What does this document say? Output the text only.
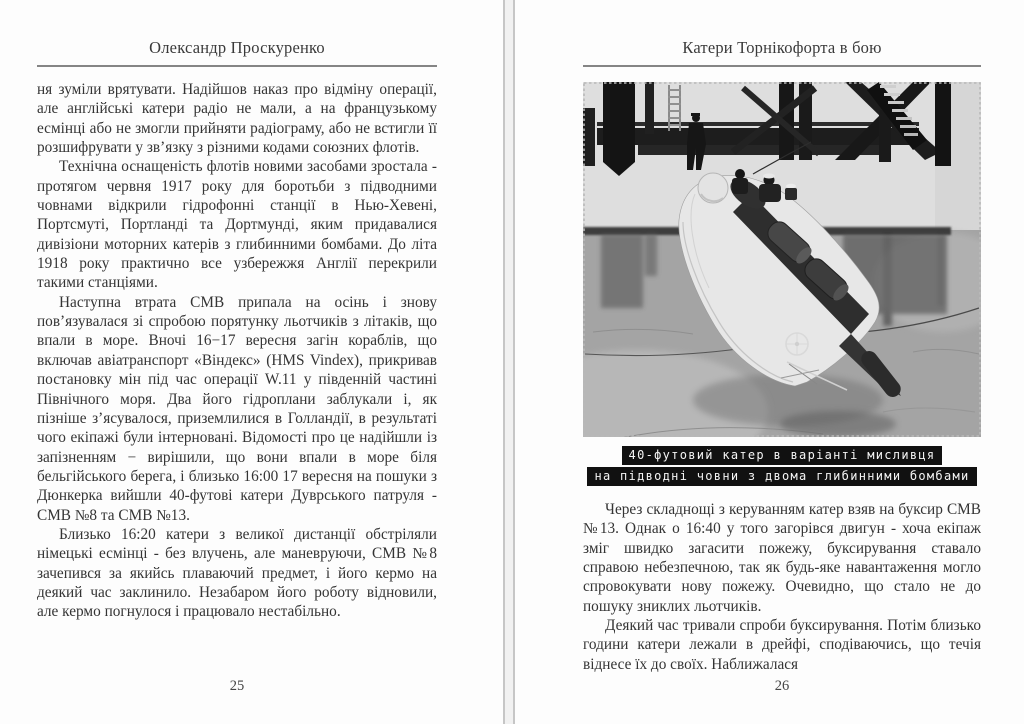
Олександр Проскуренко

ня зуміли врятувати. Надійшов наказ про відміну операції, але англійські катери радіо не мали, а на французькому есмінці або не змогли прийняти радіограму, або не встигли її розшифрувати у зв’язку з різними кодами союзних флотів.

Технічна оснащеність флотів новими засобами зростала - протягом червня 1917 року для боротьби з підводними човнами відкрили гідрофонні станції в Нью-Хевені, Портсмуті, Портланді та Дортмунді, яким придавалися дивізіони моторних катерів з глибинними бомбами. До літа 1918 року практично все узбережжя Англії перекрили такими станціями.

Наступна втрата СМВ припала на осінь і знову пов’язувалася зі спробою порятунку льотчиків з літаків, що впали в море. Вночі 16−17 вересня загін кораблів, що включав авіатранспорт «Віндекс» (HMS Vindex), прикривав постановку мін під час операції W.11 у південній частині Північного моря. Два його гідроплани заблукали і, як пізніше з’ясувалося, приземлилися в Голландії, в результаті чого екіпажі були інтерновані. Відомості про це надійшли із запізненням − вирішили, що вони впали в море біля бельгійського берега, і близько 16:00 17 вересня на пошуки з Дюнкерка вийшли 40-футові катери Дуврського патруля - СМВ №8 та СМВ №13.

Близько 16:20 катери з великої дистанції обстріляли німецькі есмінці - без влучень, але маневруючи, СМВ №8 зачепився за якийсь плаваючий предмет, і його кермо на деякий час заклинило. Незабаром його роботу відновили, але кермо погнулося і працювало нестабільно.

25
Катери Торнікофорта в бою
40-футовий катер в варіанті мисливця
на підводні човни з двома глибинними бомбами

Через складнощі з керуванням катер взяв на буксир СМВ №13. Однак о 16:40 у того загорівся двигун - хоча екіпаж зміг швидко загасити пожежу, буксирування ставало справою небезпечною, так як будь-яке навантаження могло спровокувати нову пожежу. Очевидно, що стало не до пошуку зниклих льотчиків.

Деякий час тривали спроби буксирування. Потім близько години катери лежали в дрейфі, сподіваючись, що течія віднесе їх до своїх. Наближалася

26
